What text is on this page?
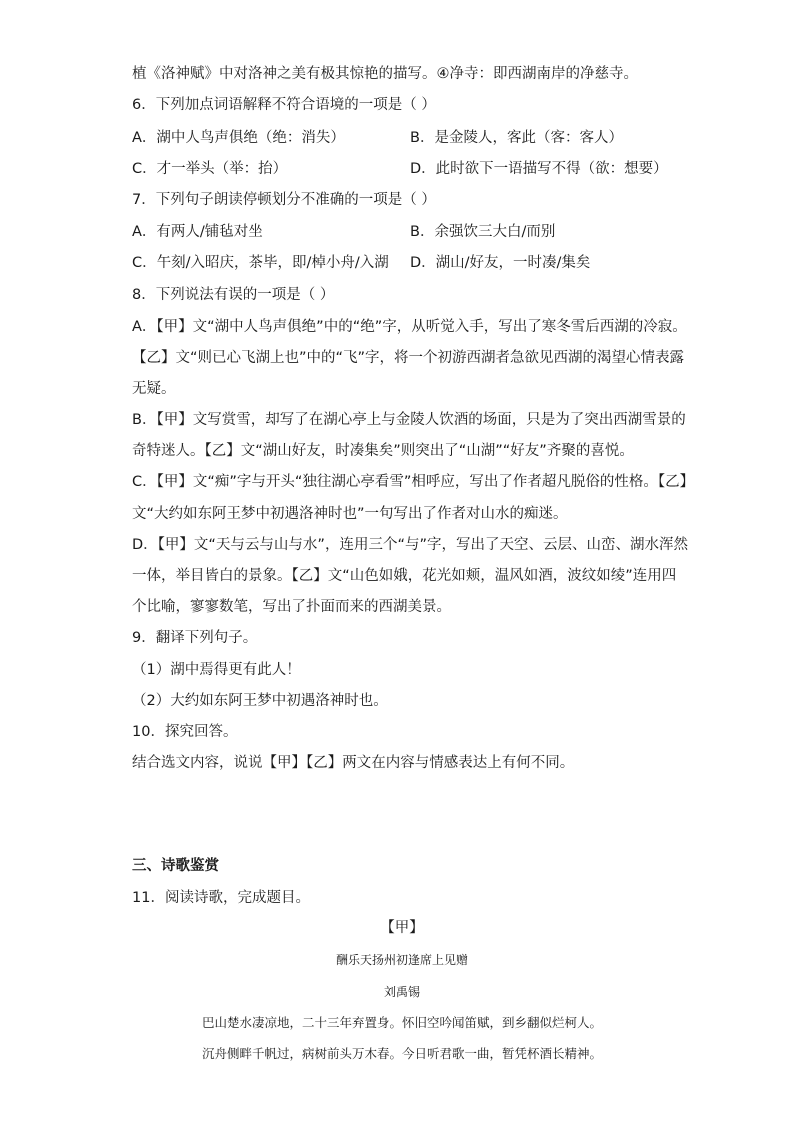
植《洛神赋》中对洛神之美有极其惊艳的描写。④净寺：即西湖南岸的净慈寺。
6．下列加点词语解释不符合语境的一项是（ ）
A．湖中人鸟声俱绝（绝：消失）	B．是金陵人，客此（客：客人）
C．才一举头（举：抬）	D．此时欲下一语描写不得（欲：想要）
7．下列句子朗读停顿划分不准确的一项是（ ）
A．有两人/铺毡对坐	B．余强饮三大白/而别
C．午刻/入昭庆，茶毕，即/棹小舟/入湖 D．湖山/好友，一时凑/集矣
8．下列说法有误的一项是（ ）
A．【甲】文“湖中人鸟声俱绝”中的“绝”字，从听觉入手，写出了寒冬雪后西湖的冷寂。
【乙】文“则已心飞湖上也”中的“飞”字，将一个初游西湖者急欲见西湖的渴望心情表露
无疑。
B．【甲】文写赏雪，却写了在湖心亭上与金陵人饮酒的场面，只是为了突出西湖雪景的
奇特迷人。【乙】文“湖山好友，时凑集矣”则突出了“山湖”“好友”齐聚的喜悦。
C．【甲】文“痴”字与开头“独往湖心亭看雪”相呼应，写出了作者超凡脱俗的性格。【乙】
文“大约如东阿王梦中初遇洛神时也”一句写出了作者对山水的痴迷。
D．【甲】文“天与云与山与水”，连用三个“与”字，写出了天空、云层、山峦、湖水浑然
一体，举目皆白的景象。【乙】文“山色如娥，花光如颊，温风如酒，波纹如绫”连用四
个比喻，寥寥数笔，写出了扑面而来的西湖美景。
9．翻译下列句子。
（1）湖中焉得更有此人！
（2）大约如东阿王梦中初遇洛神时也。
10．探究回答。
结合选文内容，说说【甲】【乙】两文在内容与情感表达上有何不同。
三、诗歌鉴赏
11．阅读诗歌，完成题目。
【甲】
酬乐天扬州初逢席上见赠
刘禹锡
巴山楚水凄凉地，二十三年弃置身。怀旧空吟闻笛赋，到乡翻似烂柯人。
沉舟侧畔千帆过，病树前头万木春。今日听君歌一曲，暂凭杯酒长精神。
